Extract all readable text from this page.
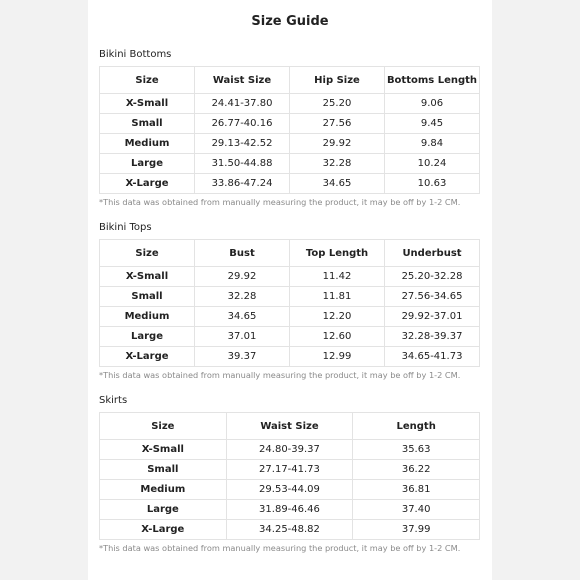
Size Guide
Bikini Bottoms
Size	Waist Size	Hip Size	Bottoms Length
X-Small	24.41-37.80	25.20	9.06
Small	26.77-40.16	27.56	9.45
Medium	29.13-42.52	29.92	9.84
Large	31.50-44.88	32.28	10.24
X-Large	33.86-47.24	34.65	10.63
*This data was obtained from manually measuring the product, it may be off by 1-2 CM.
Bikini Tops
Size	Bust	Top Length	Underbust
X-Small	29.92	11.42	25.20-32.28
Small	32.28	11.81	27.56-34.65
Medium	34.65	12.20	29.92-37.01
Large	37.01	12.60	32.28-39.37
X-Large	39.37	12.99	34.65-41.73
*This data was obtained from manually measuring the product, it may be off by 1-2 CM.
Skirts
Size	Waist Size	Length
X-Small	24.80-39.37	35.63
Small	27.17-41.73	36.22
Medium	29.53-44.09	36.81
Large	31.89-46.46	37.40
X-Large	34.25-48.82	37.99
*This data was obtained from manually measuring the product, it may be off by 1-2 CM.
